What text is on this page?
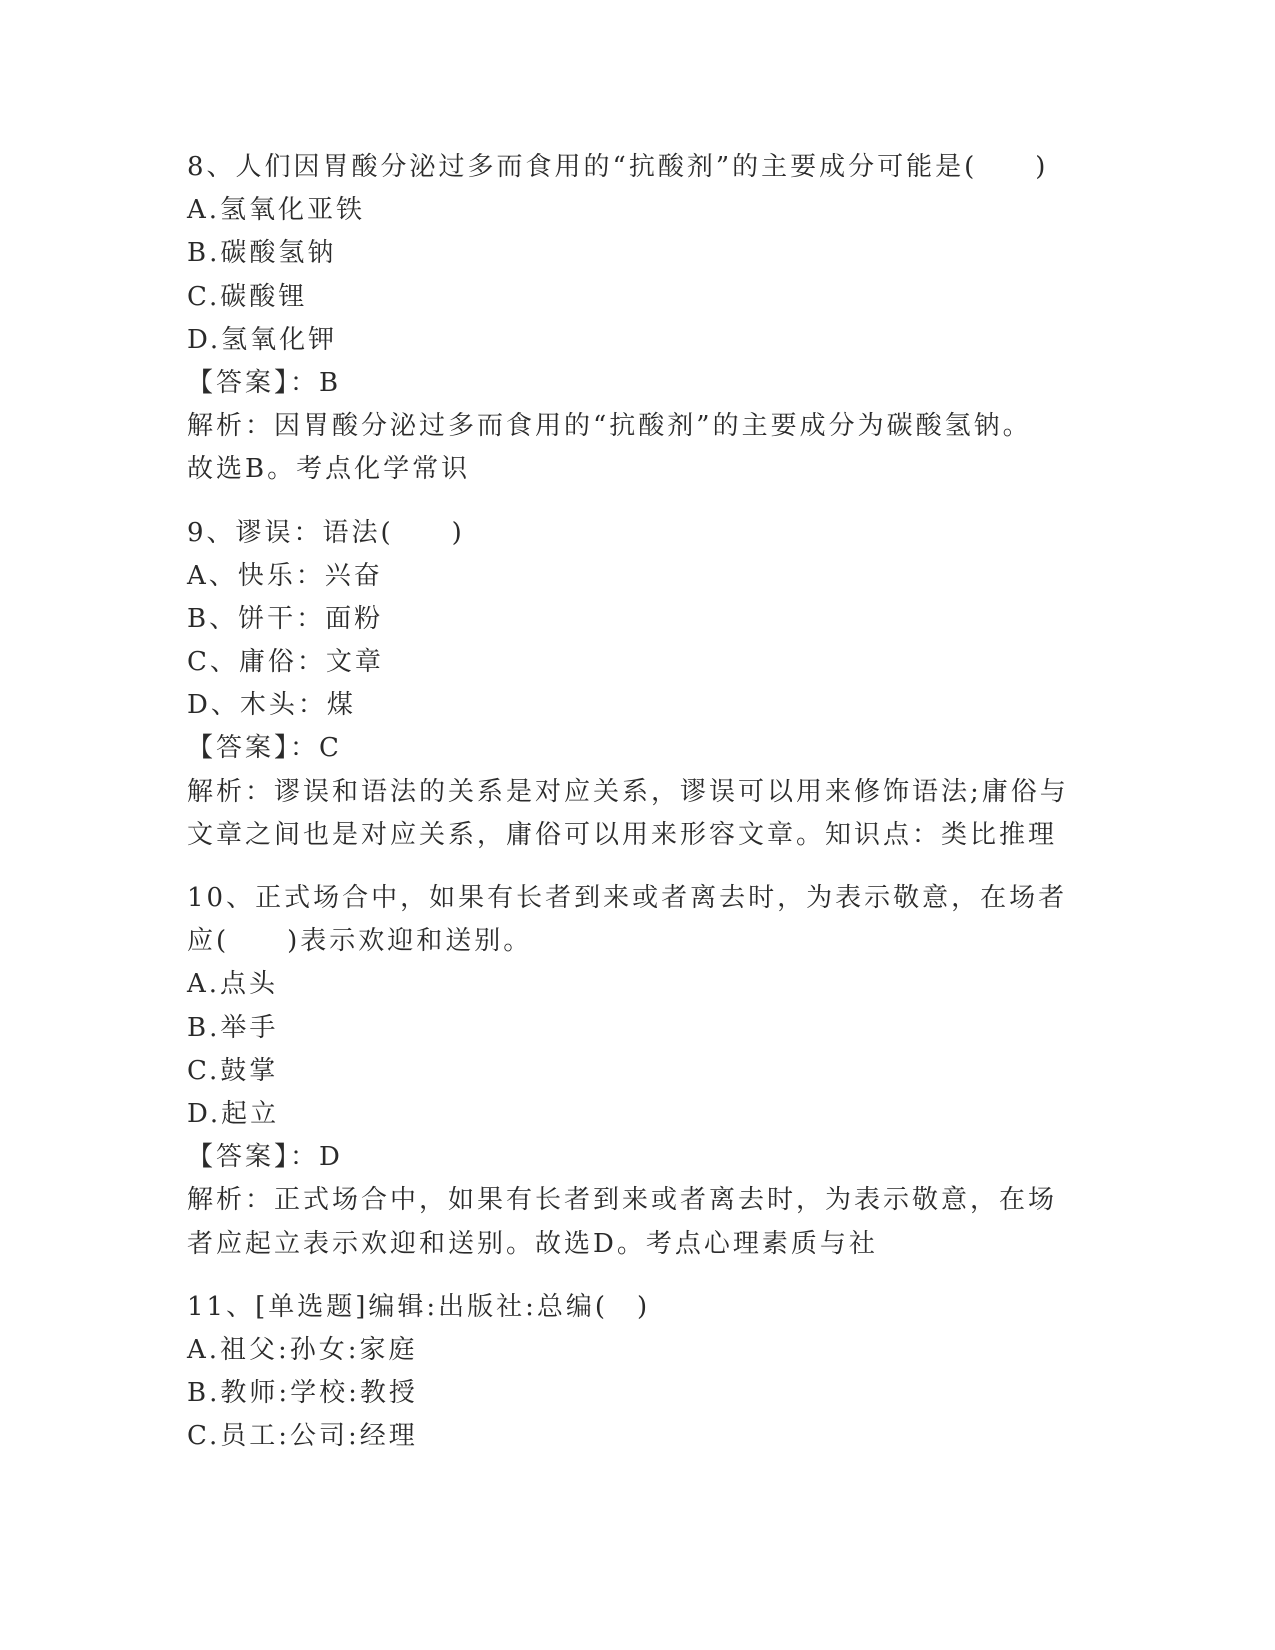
8、人们因胃酸分泌过多而食用的“抗酸剂”的主要成分可能是(　　)
A.氢氧化亚铁
B.碳酸氢钠
C.碳酸锂
D.氢氧化钾
【答案】：B
解析：因胃酸分泌过多而食用的“抗酸剂”的主要成分为碳酸氢钠。
故选B。考点化学常识
9、谬误：语法(　　)
A、快乐：兴奋
B、饼干：面粉
C、庸俗：文章
D、木头：煤
【答案】：C
解析：谬误和语法的关系是对应关系，谬误可以用来修饰语法;庸俗与
文章之间也是对应关系，庸俗可以用来形容文章。知识点：类比推理
10、正式场合中，如果有长者到来或者离去时，为表示敬意，在场者
应(　　)表示欢迎和送别。
A.点头
B.举手
C.鼓掌
D.起立
【答案】：D
解析：正式场合中，如果有长者到来或者离去时，为表示敬意，在场
者应起立表示欢迎和送别。故选D。考点心理素质与社
11、[单选题]编辑:出版社:总编(　)
A.祖父:孙女:家庭
B.教师:学校:教授
C.员工:公司:经理
